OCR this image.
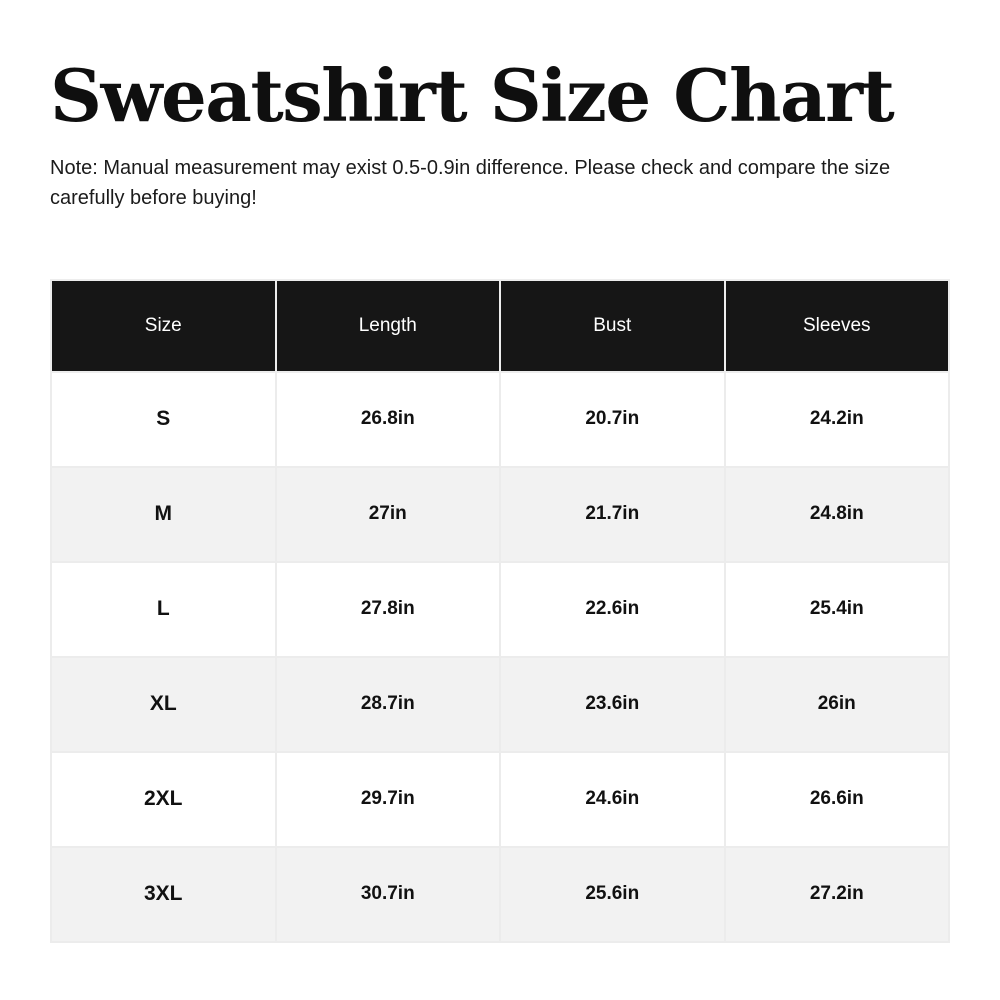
Sweatshirt Size Chart

Note: Manual measurement may exist 0.5-0.9in difference. Please check and compare the size carefully before buying!

Size	Length	Bust	Sleeves
S	26.8in	20.7in	24.2in
M	27in	21.7in	24.8in
L	27.8in	22.6in	25.4in
XL	28.7in	23.6in	26in
2XL	29.7in	24.6in	26.6in
3XL	30.7in	25.6in	27.2in
